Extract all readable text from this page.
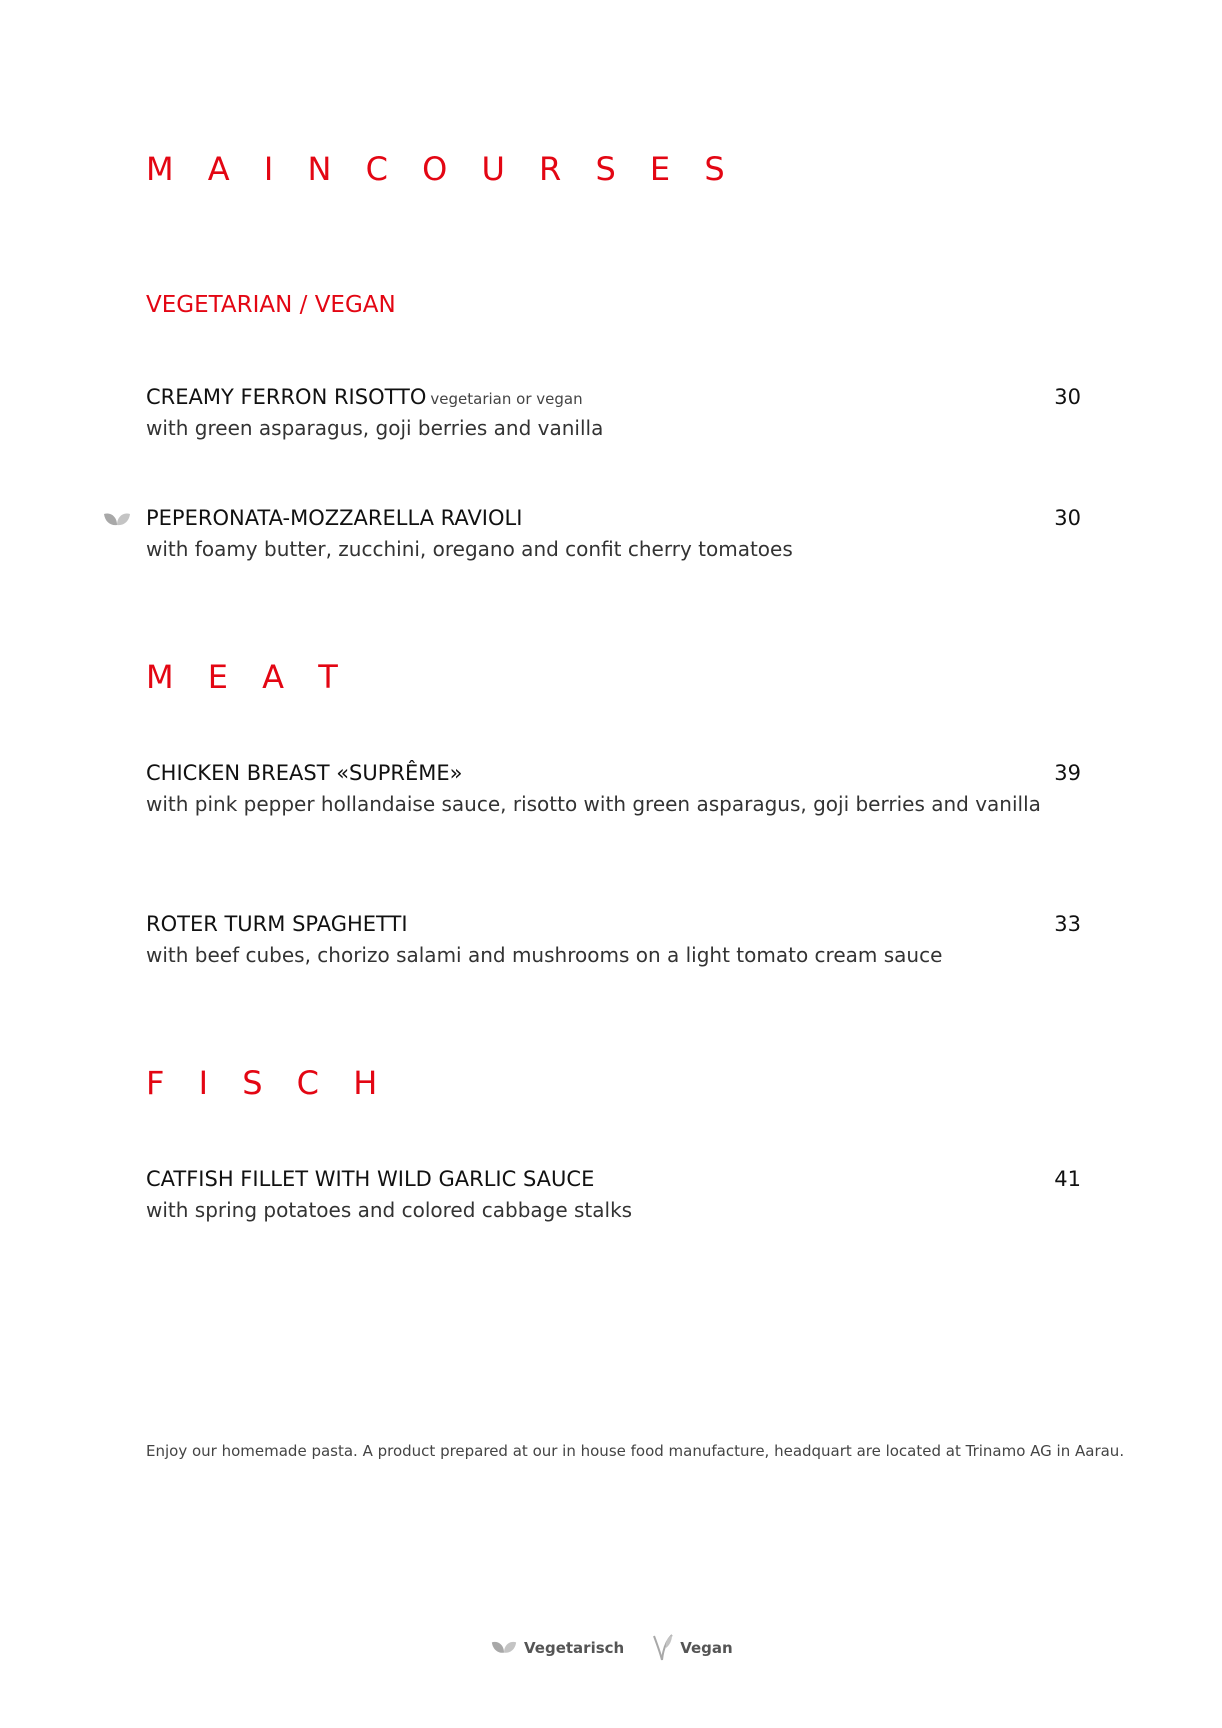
M A I N C O U R S E S
VEGETARIAN / VEGAN
CREAMY FERRON RISOTTO vegetarian or vegan
with green asparagus, goji berries and vanilla
30
PEPERONATA-MOZZARELLA RAVIOLI
with foamy butter, zucchini, oregano and confit cherry tomatoes
30
M E A T
CHICKEN BREAST «SUPRÊME»
with pink pepper hollandaise sauce, risotto with green asparagus, goji berries and vanilla
39
ROTER TURM SPAGHETTI
with beef cubes, chorizo salami and mushrooms on a light tomato cream sauce
33
F I S C H
CATFISH FILLET WITH WILD GARLIC SAUCE
with spring potatoes and colored cabbage stalks
41
Enjoy our homemade pasta. A product prepared at our in house food manufacture, headquart are located at Trinamo AG in Aarau.
Vegetarisch	Vegan
